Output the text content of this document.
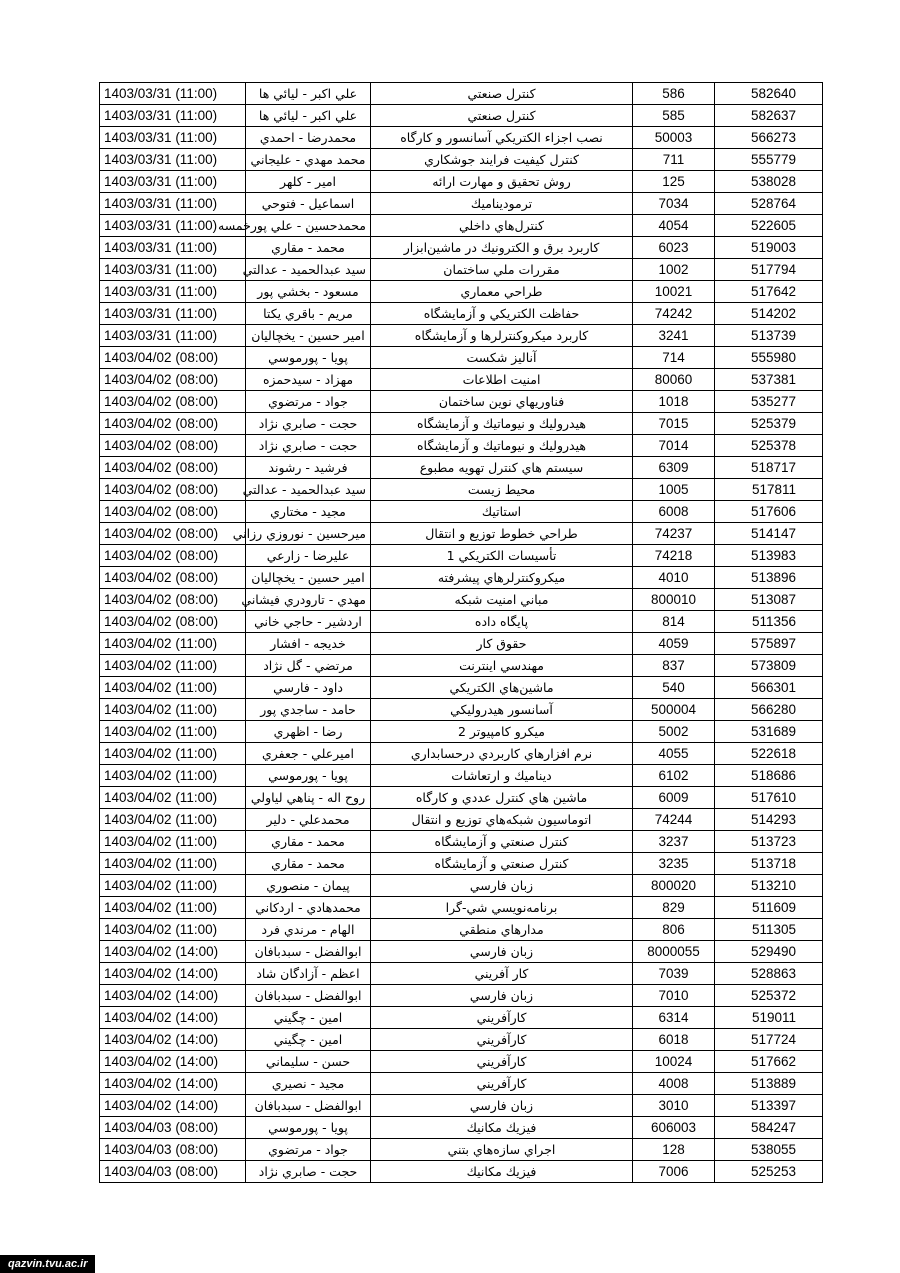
1403/03/31 (11:00)	علي اكبر - ليائي ها	كنترل صنعتي	586	582640
1403/03/31 (11:00)	علي اكبر - ليائي ها	كنترل صنعتي	585	582637
1403/03/31 (11:00)	محمدرضا - احمدي	نصب اجزاء الكتريكي آسانسور و كارگاه	50003	566273
1403/03/31 (11:00)	محمد مهدي - عليجاني	كنترل كيفيت فرايند جوشكاري	711	555779
1403/03/31 (11:00)	امير - كلهر	روش تحقيق و مهارت ارائه	125	538028
1403/03/31 (11:00)	اسماعيل - فتوحي	ترموديناميك	7034	528764
1403/03/31 (11:00)	محمدحسين - علي پورخمسه	كنترل‌هاي داخلي	4054	522605
1403/03/31 (11:00)	محمد - مقاري	كاربرد برق و الكترونيك در ماشين‌ابزار	6023	519003
1403/03/31 (11:00)	سيد عبدالحميد - عدالتي	مقررات ملي ساختمان	1002	517794
1403/03/31 (11:00)	مسعود - بخشي پور	طراحي معماري	10021	517642
1403/03/31 (11:00)	مريم - باقري يكتا	حفاظت الكتريكي و آزمايشگاه	74242	514202
1403/03/31 (11:00)	امير حسين - يخچاليان	كاربرد ميكروكنترلرها و آزمايشگاه	3241	513739
1403/04/02 (08:00)	پويا - پورموسي	آناليز شكست	714	555980
1403/04/02 (08:00)	مهزاد - سيدحمزه	امنيت اطلاعات	80060	537381
1403/04/02 (08:00)	جواد - مرتضوي	فناوريهاي نوين ساختمان	1018	535277
1403/04/02 (08:00)	حجت - صابري نژاد	هيدروليك و نيوماتيك و آزمايشگاه	7015	525379
1403/04/02 (08:00)	حجت - صابري نژاد	هيدروليك و نيوماتيك و آزمايشگاه	7014	525378
1403/04/02 (08:00)	فرشيد - رشوند	سيستم هاي كنترل تهويه مطبوع	6309	518717
1403/04/02 (08:00)	سيد عبدالحميد - عدالتي	محيط زيست	1005	517811
1403/04/02 (08:00)	مجيد - مختاري	استاتيك	6008	517606
1403/04/02 (08:00)	ميرحسين - نوروزي رزاني	طراحي خطوط توزيع و انتقال	74237	514147
1403/04/02 (08:00)	عليرضا - زارعي	تأسيسات الكتريكي 1	74218	513983
1403/04/02 (08:00)	امير حسين - يخچاليان	ميكروكنترلرهاي پيشرفته	4010	513896
1403/04/02 (08:00)	مهدي - تارودري فيشاني	مباني امنيت شبكه	800010	513087
1403/04/02 (08:00)	اردشير - حاجي خاني	پايگاه داده	814	511356
1403/04/02 (11:00)	خديجه - افشار	حقوق كار	4059	575897
1403/04/02 (11:00)	مرتضي - گل نژاد	مهندسي اينترنت	837	573809
1403/04/02 (11:00)	داود - فارسي	ماشين‌هاي الكتريكي	540	566301
1403/04/02 (11:00)	حامد - ساجدي پور	آسانسور هيدروليكي	500004	566280
1403/04/02 (11:00)	رضا - اظهري	ميكرو كامپيوتر 2	5002	531689
1403/04/02 (11:00)	اميرعلي - جعفري	نرم افزارهاي كاربردي درحسابداري	4055	522618
1403/04/02 (11:00)	پويا - پورموسي	ديناميك و ارتعاشات	6102	518686
1403/04/02 (11:00)	روح اله - پناهي لياولي	ماشين هاي كنترل عددي و كارگاه	6009	517610
1403/04/02 (11:00)	محمدعلي - دلير	اتوماسيون شبكه‌هاي توزيع و انتقال	74244	514293
1403/04/02 (11:00)	محمد - مقاري	كنترل صنعتي و آزمايشگاه	3237	513723
1403/04/02 (11:00)	محمد - مقاري	كنترل صنعتي و آزمايشگاه	3235	513718
1403/04/02 (11:00)	پيمان - منصوري	زبان فارسي	800020	513210
1403/04/02 (11:00)	محمدهادي - اردكاني	برنامه‌نويسي شي-گرا	829	511609
1403/04/02 (11:00)	الهام - مرندي فرد	مدارهاي منطقي	806	511305
1403/04/02 (14:00)	ابوالفضل - سبدبافان	زبان فارسي	8000055	529490
1403/04/02 (14:00)	اعظم - آزادگان شاد	كار آفريني	7039	528863
1403/04/02 (14:00)	ابوالفضل - سبدبافان	زبان فارسي	7010	525372
1403/04/02 (14:00)	امين - چگيني	كارآفريني	6314	519011
1403/04/02 (14:00)	امين - چگيني	كارآفريني	6018	517724
1403/04/02 (14:00)	حسن - سليماني	كارآفريني	10024	517662
1403/04/02 (14:00)	مجيد - نصيري	كارآفريني	4008	513889
1403/04/02 (14:00)	ابوالفضل - سبدبافان	زبان فارسي	3010	513397
1403/04/03 (08:00)	پويا - پورموسي	فيزيك مكانيك	606003	584247
1403/04/03 (08:00)	جواد - مرتضوي	اجراي سازه‌هاي بتني	128	538055
1403/04/03 (08:00)	حجت - صابري نژاد	فيزيك مكانيك	7006	525253
qazvin.tvu.ac.ir
